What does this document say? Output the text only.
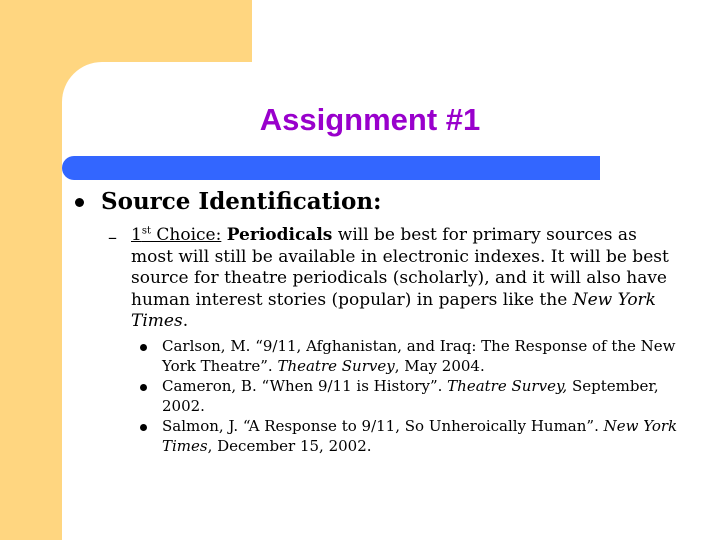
Assignment #1
Source Identification:
– 1st Choice: Periodicals will be best for primary sources as most will still be available in electronic indexes. It will be best source for theatre periodicals (scholarly), and it will also have human interest stories (popular) in papers like the New York Times.
Carlson, M. “9/11, Afghanistan, and Iraq: The Response of the New York Theatre”. Theatre Survey, May 2004.
Cameron, B. “When 9/11 is History”. Theatre Survey, September, 2002.
Salmon, J. “A Response to 9/11, So Unheroically Human”. New York Times, December 15, 2002.
